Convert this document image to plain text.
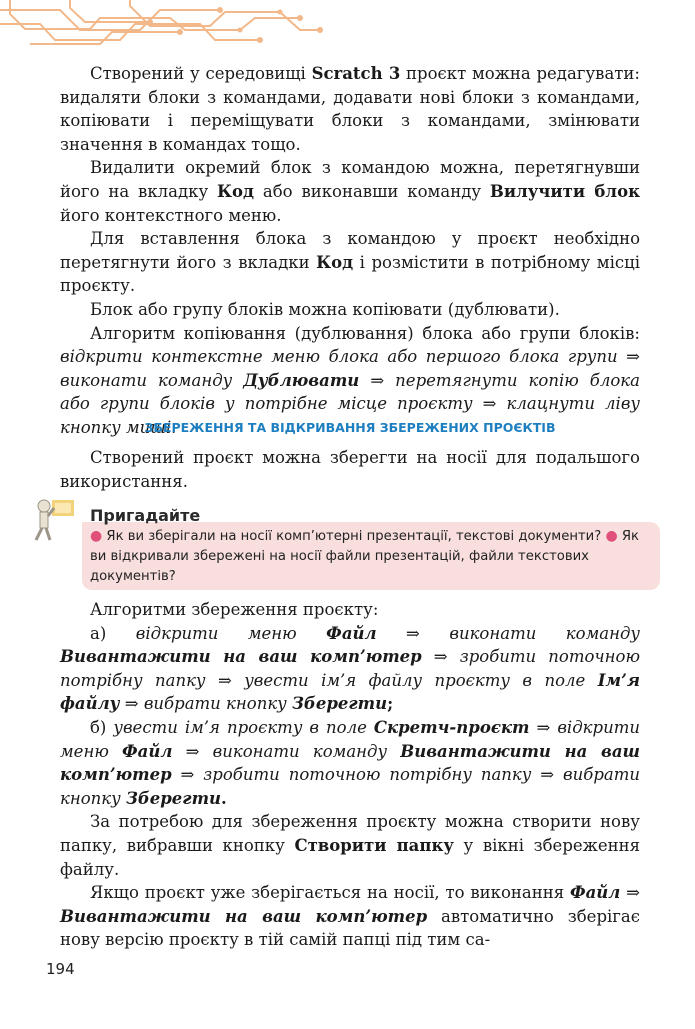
Створений у середовищі Scratch 3 проєкт можна редагувати: видаляти блоки з командами, додавати нові блоки з командами, копіювати і переміщувати блоки з командами, змінювати значення в командах тощо.

Видалити окремий блок з командою можна, перетягнувши його на вкладку Код або виконавши команду Вилучити блок його контекстного меню.

Для вставлення блока з командою у проєкт необхідно перетягнути його з вкладки Код і розмістити в потрібному місці проєкту.

Блок або групу блоків можна копіювати (дублювати).

Алгоритм копіювання (дублювання) блока або групи блоків: відкрити контекстне меню блока або першого блока групи ⇒ виконати команду Дублювати ⇒ перетягнути копію блока або групи блоків у потрібне місце проєкту ⇒ клацнути ліву кнопку миші.

ЗБЕРЕЖЕННЯ ТА ВІДКРИВАННЯ ЗБЕРЕЖЕНИХ ПРОЄКТІВ

Створений проєкт можна зберегти на носії для подальшого використання.

Пригадайте
● Як ви зберігали на носії комп’ютерні презентації, текстові документи? ● Як ви відкривали збережені на носії файли презентацій, файли текстових документів?

Алгоритми збереження проєкту:

а) відкрити меню Файл ⇒ виконати команду Вивантажити на ваш комп’ютер ⇒ зробити поточною потрібну папку ⇒ увести ім’я файлу проєкту в поле Ім’я файлу ⇒ вибрати кнопку Зберегти;

б) увести ім’я проєкту в поле Скретч-проєкт ⇒ відкрити меню Файл ⇒ виконати команду Вивантажити на ваш комп’ютер ⇒ зробити поточною потрібну папку ⇒ вибрати кнопку Зберегти.

За потребою для збереження проєкту можна створити нову папку, вибравши кнопку Створити папку у вікні збереження файлу.

Якщо проєкт уже зберігається на носії, то виконання Файл ⇒ Вивантажити на ваш комп’ютер автоматично зберігає нову версію проєкту в тій самій папці під тим са-

194
